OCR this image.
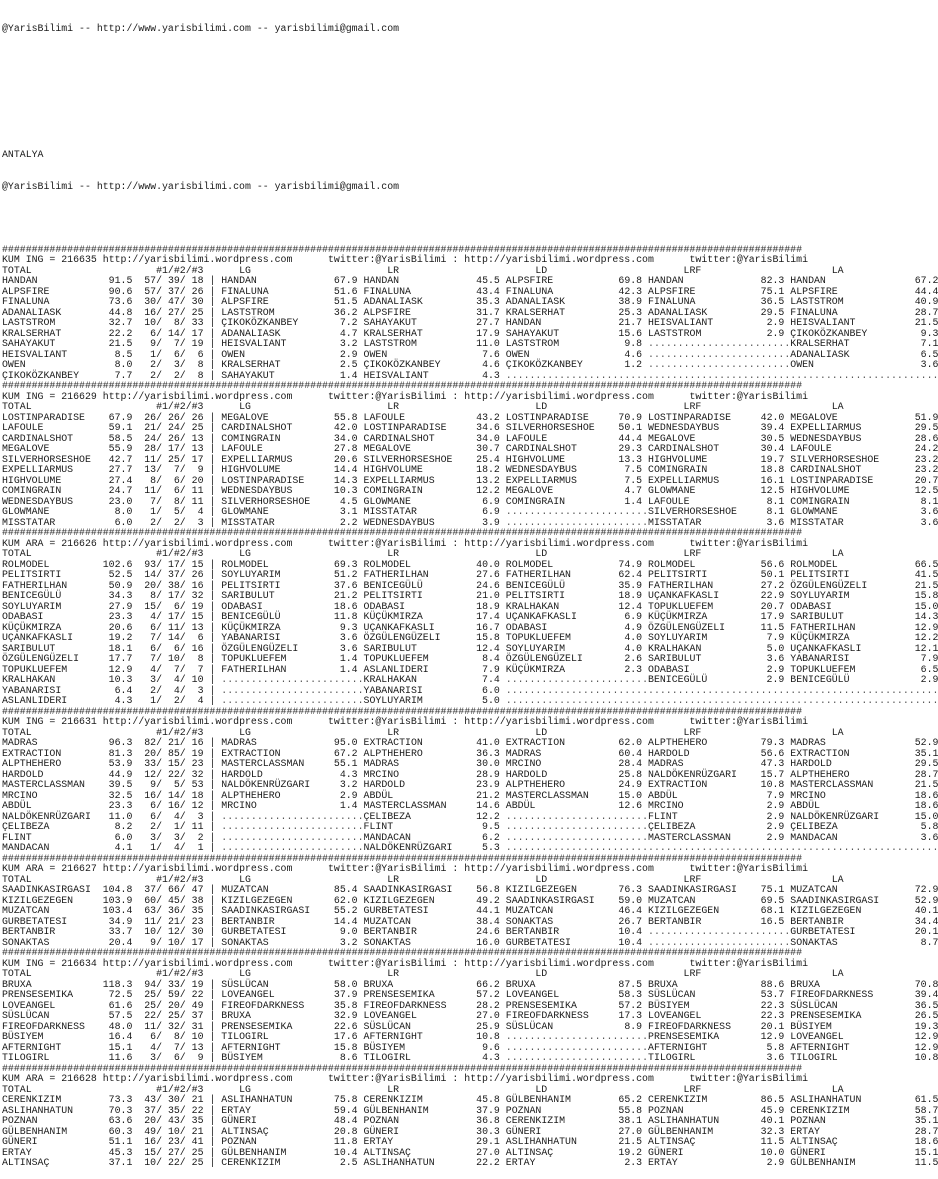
@YarisBilimi -- http://www.yarisbilimi.com -- yarisbilimi@gmail.com

ANTALYA

@YarisBilimi -- http://www.yarisbilimi.com -- yarisbilimi@gmail.com

#######################################################################################################################################
KUM ING = 216635 http://yarisbilimi.wordpress.com	twitter:@YarisBilimi : http://yarisbilimi.wordpress.com	twitter:@YarisBilimi
TOTAL                     #1/#2/#3	LG                       LR                       LD                       LRF                      LA
HANDAN            91.5 57/ 39/ 18 | HANDAN             67.9 HANDAN             45.5 ALPSFIRE           69.8 HANDAN             82.3 HANDAN               67.2
ALPSFIRE          90.6 57/ 37/ 26 | FINALUNA           51.6 FINALUNA           43.4 FINALUNA           42.3 ALPSFIRE           75.1 ALPSFIRE             44.4
FINALUNA          73.6 30/ 47/ 30 | ALPSFIRE           51.5 ADANALIASK         35.3 ADANALIASK         38.9 FINALUNA           36.5 LASTSTROM            40.9
ADANALIASK        44.8 16/ 27/ 25 | LASTSTROM          36.2 ALPSFIRE           31.7 KRALSERHAT         25.3 ADANALIASK         29.5 FINALUNA             28.7
LASTSTROM         32.7 10/  8/ 33 | ÇIKOKÖZKANBEY       7.2 SAHAYAKUT          27.7 HANDAN             21.7 HEISVALIANT         2.9 HEISVALIANT          21.5
KRALSERHAT        22.2   6/ 14/ 17 | ADANALIASK          4.7 KRALSERHAT         17.9 SAHAYAKUT          15.6 LASTSTROM           2.9 ÇIKOKÖZKANBEY         9.3
SAHAYAKUT         21.5   9/  7/ 19 | HEISVALIANT         3.2 LASTSTROM          11.0 LASTSTROM           9.8 ........................KRALSERHAT            7.1
HEISVALIANT        8.5   1/  6/  6 | OWEN                2.9 OWEN                7.6 OWEN                4.6 ........................ADANALIASK            6.5
OWEN               8.0   2/  3/  8 | KRALSERHAT          2.5 ÇIKOKÖZKANBEY       4.6 ÇIKOKÖZKANBEY       1.2 ........................OWEN                  3.6
ÇIKOKÖZKANBEY      7.7   2/  2/  8 | SAHAYAKUT           1.4 HEISVALIANT         4.3 .........................................................................
#######################################################################################################################################
KUM ING = 216629 http://yarisbilimi.wordpress.com	twitter:@YarisBilimi : http://yarisbilimi.wordpress.com	twitter:@YarisBilimi
TOTAL                     #1/#2/#3	LG                       LR                       LD                       LRF                      LA
LOSTINPARADISE    67.9 26/ 26/ 26 | MEGALOVE           55.8 LAFOULE            43.2 LOSTINPARADISE     70.9 LOSTINPARADISE     42.0 MEGALOVE             51.9
LAFOULE           59.1 21/ 24/ 25 | CARDINALSHOT       42.0 LOSTINPARADISE     34.6 SILVERHORSESHOE    50.1 WEDNESDAYBUS       39.4 EXPELLIARMUS         29.5
CARDINALSHOT      58.5 24/ 26/ 13 | COMINGRAIN         34.0 CARDINALSHOT       34.0 LAFOULE            44.4 MEGALOVE           30.5 WEDNESDAYBUS         28.6
MEGALOVE          55.9 28/ 17/ 13 | LAFOULE            27.8 MEGALOVE           30.7 CARDINALSHOT       29.3 CARDINALSHOT       30.4 LAFOULE              24.2
SILVERHORSESHOE   42.7 11/ 25/ 17 | EXPELLIARMUS       20.6 SILVERHORSESHOE    25.4 HIGHVOLUME         13.3 HIGHVOLUME         19.7 SILVERHORSESHOE      23.2
EXPELLIARMUS      27.7 13/  7/  9 | HIGHVOLUME         14.4 HIGHVOLUME         18.2 WEDNESDAYBUS        7.5 COMINGRAIN         18.8 CARDINALSHOT         23.2
HIGHVOLUME        27.4   8/  6/ 20 | LOSTINPARADISE     14.3 EXPELLIARMUS       13.2 EXPELLIARMUS        7.5 EXPELLIARMUS       16.1 LOSTINPARADISE       20.7
COMINGRAIN        24.7 11/  6/ 11 | WEDNESDAYBUS       10.3 COMINGRAIN         12.2 MEGALOVE            4.7 GLOWMANE           12.5 HIGHVOLUME           12.5
WEDNESDAYBUS      23.0   7/  8/ 11 | SILVERHORSESHOE     4.5 GLOWMANE            6.9 COMINGRAIN          1.4 LAFOULE             8.1 COMINGRAIN            8.1
GLOWMANE           8.0   1/  5/  4 | GLOWMANE            3.1 MISSTATAR           6.9 ........................SILVERHORSESHOE     8.1 GLOWMANE              3.6
MISSTATAR          6.0   2/  2/  3 | MISSTATAR           2.2 WEDNESDAYBUS        3.9 ........................MISSTATAR           3.6 MISSTATAR             3.6
#######################################################################################################################################
KUM ARA = 216626 http://yarisbilimi.wordpress.com	twitter:@YarisBilimi : http://yarisbilimi.wordpress.com	twitter:@YarisBilimi
TOTAL                     #1/#2/#3	LG                       LR                       LD                       LRF                      LA
ROLMODEL         102.6 93/ 17/ 15 | ROLMODEL           69.3 ROLMODEL           40.0 ROLMODEL           74.9 ROLMODEL           56.6 ROLMODEL             66.5
PELITSIRTI        52.5 14/ 37/ 26 | SOYLUYARIM         51.2 FATHERILHAN        27.6 FATHERILHAN        62.4 PELITSIRTI         50.1 PELITSIRTI           41.5
FATHERILHAN       50.9 20/ 38/ 16 | PELITSIRTI         37.6 BENICEGÜLÜ         24.6 BENICEGÜLÜ         35.9 FATHERILHAN        27.2 ÖZGÜLENGÜZELI        21.5
BENICEGÜLÜ        34.3   8/ 17/ 32 | SARIBULUT          21.2 PELITSIRTI         21.0 PELITSIRTI         18.9 UÇANKAFKASLI       22.9 SOYLUYARIM           15.8
SOYLUYARIM        27.9 15/  6/ 19 | ODABASI            18.6 ODABASI            18.9 KRALHAKAN          12.4 TOPUKLUEFEM        20.7 ODABASI              15.0
ODABASI           23.3   4/ 17/ 15 | BENICEGÜLÜ         11.8 KÜÇÜKMIRZA         17.4 UÇANKAFKASLI        6.9 KÜÇÜKMIRZA         17.9 SARIBULUT            14.3
KÜÇÜKMIRZA        20.6   6/ 11/ 13 | KÜÇÜKMIRZA          9.3 UÇANKAFKASLI       16.7 ODABASI             4.9 ÖZGÜLENGÜZELI      11.5 FATHERILHAN          12.9
UÇANKAFKASLI      19.2   7/ 14/  6 | YABANARISI          3.6 ÖZGÜLENGÜZELI      15.8 TOPUKLUEFEM         4.0 SOYLUYARIM          7.9 KÜÇÜKMIRZA           12.2
SARIBULUT         18.1   6/  6/ 16 | ÖZGÜLENGÜZELI       3.6 SARIBULUT          12.4 SOYLUYARIM          4.0 KRALHAKAN           5.0 UÇANKAFKASLI         12.1
ÖZGÜLENGÜZELI     17.7   7/ 10/  8 | TOPUKLUEFEM         1.4 TOPUKLUEFEM         8.4 ÖZGÜLENGÜZELI       2.6 SARIBULUT           3.6 YABANARISI            7.9
TOPUKLUEFEM       12.9   4/  7/  7 | FATHERILHAN         1.4 ASLANLIDERI         7.9 KÜÇÜKMIRZA          2.3 ODABASI             2.9 TOPUKLUEFEM           6.5
KRALHAKAN         10.3   3/  4/ 10 | ........................KRALHAKAN           7.4 ........................BENICEGÜLÜ          2.9 BENICEGÜLÜ            2.9
YABANARISI         6.4   2/  4/  3 | ........................YABANARISI          6.0 .........................................................................
ASLANLIDERI        4.3   1/  2/  4 | ........................SOYLUYARIM          5.0 .........................................................................
#######################################################################################################################################
KUM ING = 216631 http://yarisbilimi.wordpress.com	twitter:@YarisBilimi : http://yarisbilimi.wordpress.com	twitter:@YarisBilimi
TOTAL                     #1/#2/#3	LG                       LR                       LD                       LRF                      LA
MADRAS            96.3 82/ 21/ 16 | MADRAS             95.0 EXTRACTION         41.0 EXTRACTION         62.0 ALPTHEHERO         79.3 MADRAS               52.9
EXTRACTION        81.3 20/ 85/ 19 | EXTRACTION         67.2 ALPTHEHERO         36.3 MADRAS             60.4 HARDOLD            56.6 EXTRACTION           35.1
ALPTHEHERO        53.9 33/ 15/ 23 | MASTERCLASSMAN     55.1 MADRAS             30.0 MRCINO             28.4 MADRAS             47.3 HARDOLD              29.5
HARDOLD           44.9 12/ 22/ 32 | HARDOLD             4.3 MRCINO             28.9 HARDOLD            25.8 NALDÖKENRÜZGARI    15.7 ALPTHEHERO           28.7
MASTERCLASSMAN    39.5   9/  5/ 53 | NALDÖKENRÜZGARI     3.2 HARDOLD            23.9 ALPTHEHERO         24.9 EXTRACTION         10.8 MASTERCLASSMAN       21.5
MRCINO            32.5 16/ 14/ 18 | ALPTHEHERO          2.9 ABDÜL              21.2 MASTERCLASSMAN     15.0 ABDÜL               7.9 MRCINO               18.6
ABDÜL             23.3   6/ 16/ 12 | MRCINO              1.4 MASTERCLASSMAN     14.6 ABDÜL              12.6 MRCINO              2.9 ABDÜL                18.6
NALDÖKENRÜZGARI   11.0   6/  4/  3 | ........................ÇELIBEZA           12.2 ........................FLINT               2.9 NALDÖKENRÜZGARI      15.0
ÇELIBEZA           8.2   2/  1/ 11 | ........................FLINT               9.5 ........................ÇELIBEZA            2.9 ÇELIBEZA              5.8
FLINT              6.0   3/  3/  2 | ........................MANDACAN            6.2 ........................MASTERCLASSMAN      2.9 MANDACAN              3.6
MANDACAN           4.1   1/  4/  1 | ........................NALDÖKENRÜZGARI     5.3 .........................................................................
#######################################################################################################################################
KUM ARA = 216627 http://yarisbilimi.wordpress.com	twitter:@YarisBilimi : http://yarisbilimi.wordpress.com	twitter:@YarisBilimi
TOTAL                     #1/#2/#3	LG                       LR                       LD                       LRF                      LA
SAADINKASIRGASI  104.8 37/ 66/ 47 | MUZATCAN           85.4 SAADINKASIRGASI    56.8 KIZILGEZEGEN       76.3 SAADINKASIRGASI    75.1 MUZATCAN             72.9
KIZILGEZEGEN     103.9 60/ 45/ 38 | KIZILGEZEGEN       62.0 KIZILGEZEGEN       49.2 SAADINKASIRGASI    59.0 MUZATCAN           69.5 SAADINKASIRGASI      52.9
MUZATCAN         103.4 63/ 36/ 35 | SAADINKASIRGASI    55.2 GURBETATESI        44.1 MUZATCAN           46.4 KIZILGEZEGEN       68.1 KIZILGEZEGEN         40.1
GURBETATESI       34.9 11/ 21/ 23 | BERTANBIR          14.4 MUZATCAN           38.4 SONAKTAS           26.7 BERTANBIR          16.5 BERTANBIR            34.4
BERTANBIR         33.7 10/ 12/ 30 | GURBETATESI         9.0 BERTANBIR          24.6 BERTANBIR          10.4 ........................GURBETATESI          20.1
SONAKTAS          20.4   9/ 10/ 17 | SONAKTAS            3.2 SONAKTAS           16.0 GURBETATESI        10.4 ........................SONAKTAS              8.7
#######################################################################################################################################
KUM ING = 216634 http://yarisbilimi.wordpress.com	twitter:@YarisBilimi : http://yarisbilimi.wordpress.com	twitter:@YarisBilimi
TOTAL                     #1/#2/#3	LG                       LR                       LD                       LRF                      LA
BRUXA            118.3 94/ 33/ 19 | SÜSLÜCAN           58.0 BRUXA              66.2 BRUXA              87.5 BRUXA              88.6 BRUXA                70.8
PRENSESEMIKA      72.5 25/ 59/ 22 | LOVEANGEL          37.9 PRENSESEMIKA       57.2 LOVEANGEL          58.3 SÜSLÜCAN           53.7 FIREOFDARKNESS       39.4
LOVEANGEL         61.6 25/ 20/ 49 | FIREOFDARKNESS     35.8 FIREOFDARKNESS     28.2 PRENSESEMIKA       57.2 BÜSIYEM            22.3 SÜSLÜCAN             36.5
SÜSLÜCAN          57.5 22/ 25/ 37 | BRUXA              32.9 LOVEANGEL          27.0 FIREOFDARKNESS     17.3 LOVEANGEL          22.3 PRENSESEMIKA         26.5
FIREOFDARKNESS    48.0 11/ 32/ 31 | PRENSESEMIKA       22.6 SÜSLÜCAN           25.9 SÜSLÜCAN            8.9 FIREOFDARKNESS     20.1 BÜSIYEM              19.3
BÜSIYEM           16.4   6/  8/ 10 | TILOGIRL           17.6 AFTERNIGHT         10.8 ........................PRENSESEMIKA       12.9 LOVEANGEL            12.9
AFTERNIGHT        15.1   4/  7/ 13 | AFTERNIGHT         15.8 BÜSIYEM             9.6 ........................AFTERNIGHT          5.8 AFTERNIGHT           12.9
TILOGIRL          11.6   3/  6/  9 | BÜSIYEM             8.6 TILOGIRL            4.3 ........................TILOGIRL            3.6 TILOGIRL             10.8
#######################################################################################################################################
KUM ARA = 216628 http://yarisbilimi.wordpress.com	twitter:@YarisBilimi : http://yarisbilimi.wordpress.com	twitter:@YarisBilimi
TOTAL                     #1/#2/#3	LG                       LR                       LD                       LRF                      LA
CERENKIZIM        73.3 43/ 30/ 21 | ASLIHANHATUN       75.8 CERENKIZIM         45.8 GÜLBENHANIM        65.2 CERENKIZIM         86.5 ASLIHANHATUN         61.5
ASLIHANHATUN      70.3 37/ 35/ 22 | ERTAY              59.4 GÜLBENHANIM        37.9 POZNAN             55.8 POZNAN             45.9 CERENKIZIM           58.7
POZNAN            63.6 20/ 43/ 35 | GÜNERI             48.4 POZNAN             36.8 CERENKIZIM         38.1 ASLIHANHATUN       40.1 POZNAN               35.1
GÜLBENHANIM       60.3 49/ 10/ 21 | ALTINSAÇ           20.8 GÜNERI             30.3 GÜNERI             27.0 GÜLBENHANIM        32.3 ERTAY                28.7
GÜNERI            51.1 16/ 23/ 41 | POZNAN             11.8 ERTAY              29.1 ASLIHANHATUN       21.5 ALTINSAÇ           11.5 ALTINSAÇ             18.6
ERTAY             45.3 15/ 27/ 25 | GÜLBENHANIM        10.4 ALTINSAÇ           27.0 ALTINSAÇ           19.2 GÜNERI             10.0 GÜNERI               15.1
ALTINSAÇ          37.1 10/ 22/ 25 | CERENKIZIM          2.5 ASLIHANHATUN       22.2 ERTAY               2.3 ERTAY               2.9 GÜLBENHANIM          11.5
